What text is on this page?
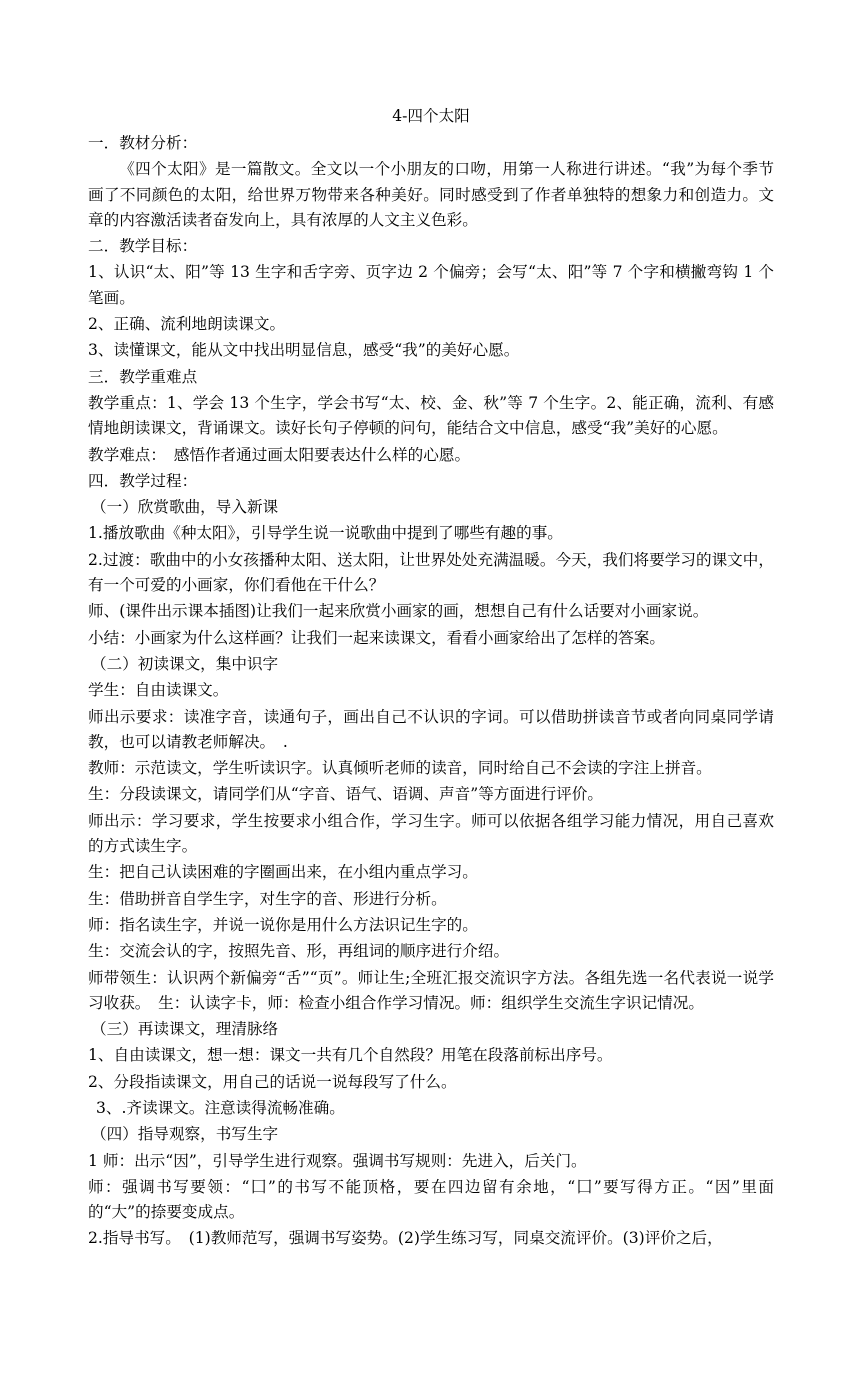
4-四个太阳
一．教材分析：
《四个太阳》是一篇散文。全文以一个小朋友的口吻，用第一人称进行讲述。“我”为每个季节画了不同颜色的太阳，给世界万物带来各种美好。同时感受到了作者单独特的想象力和创造力。文章的内容激活读者奋发向上，具有浓厚的人文主义色彩。
二．教学目标：
1、认识“太、阳”等 13 生字和舌字旁、页字边 2 个偏旁；会写“太、阳”等 7 个字和横撇弯钩 1 个笔画。
2、正确、流利地朗读课文。
3、读懂课文，能从文中找出明显信息，感受“我”的美好心愿。
三．教学重难点
教学重点：1、学会 13 个生字，学会书写“太、校、金、秋”等 7 个生字。2、能正确，流利、有感情地朗读课文，背诵课文。读好长句子停顿的问句，能结合文中信息，感受“我”美好的心愿。
教学难点：　感悟作者通过画太阳要表达什么样的心愿。
四．教学过程：
（一）欣赏歌曲，导入新课
1.播放歌曲《种太阳》，引导学生说一说歌曲中提到了哪些有趣的事。
2.过渡：歌曲中的小女孩播种太阳、送太阳，让世界处处充满温暖。今天，我们将要学习的课文中，有一个可爱的小画家，你们看他在干什么？
师、(课件出示课本插图)让我们一起来欣赏小画家的画，想想自己有什么话要对小画家说。
小结：小画家为什么这样画？让我们一起来读课文，看看小画家给出了怎样的答案。
（二）初读课文，集中识字
学生：自由读课文。
师出示要求：读准字音，读通句子，画出自己不认识的字词。可以借助拼读音节或者向同桌同学请教，也可以请教老师解决。　.
教师：示范读文，学生听读识字。认真倾听老师的读音，同时给自己不会读的字注上拼音。
生：分段读课文，请同学们从“字音、语气、语调、声音”等方面进行评价。
师出示：学习要求，学生按要求小组合作，学习生字。师可以依据各组学习能力情况，用自己喜欢的方式读生字。
生：把自己认读困难的字圈画出来，在小组内重点学习。
生：借助拼音自学生字，对生字的音、形进行分析。
师：指名读生字，并说一说你是用什么方法识记生字的。
生：交流会认的字，按照先音、形，再组词的顺序进行介绍。
师带领生：认识两个新偏旁“舌”“页”。师让生;全班汇报交流识字方法。各组先选一名代表说一说学习收获。　生：认读字卡，师：检查小组合作学习情况。师：组织学生交流生字识记情况。
（三）再读课文，理清脉络
1、自由读课文，想一想：课文一共有几个自然段？用笔在段落前标出序号。
2、分段指读课文，用自己的话说一说每段写了什么。
3、.齐读课文。注意读得流畅准确。
（四）指导观察，书写生字
1 师：出示“因”，引导学生进行观察。强调书写规则：先进入，后关门。
师：强调书写要领：“囗”的书写不能顶格，要在四边留有余地，“囗”要写得方正。“因”里面的“大”的捺要变成点。
2.指导书写。　(1)教师范写，强调书写姿势。(2)学生练习写，同桌交流评价。(3)评价之后，
